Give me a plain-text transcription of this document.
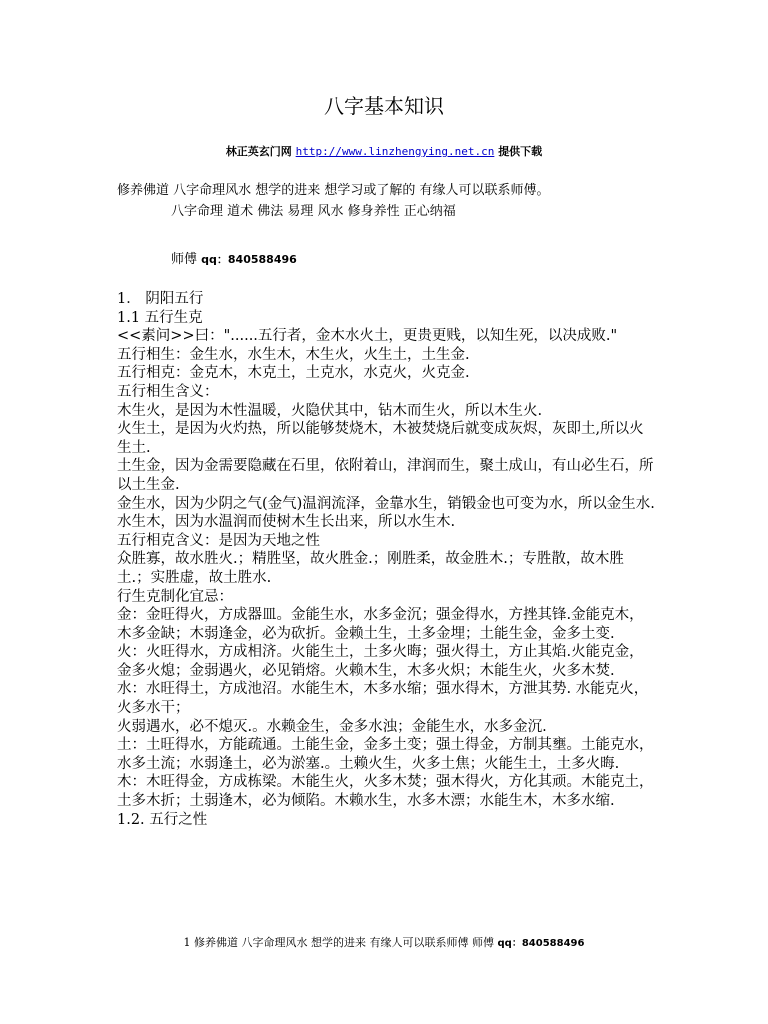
八字基本知识
林正英玄门网 http://www.linzhengying.net.cn 提供下载
修养佛道 八字命理风水 想学的进来 想学习或了解的 有缘人可以联系师傅。
八字命理 道术 佛法 易理 风水 修身养性 正心纳福
师傅 qq：840588496

1． 阴阳五行

1.1 五行生克

<<素问>>曰："......五行者，金木水火土，更贵更贱，以知生死，以决成败."

五行相生：金生水，水生木，木生火，火生土，土生金.

五行相克：金克木，木克土，土克水，水克火，火克金.

五行相生含义：

木生火，是因为木性温暖，火隐伏其中，钻木而生火，所以木生火.

火生土，是因为火灼热，所以能够焚烧木，木被焚烧后就变成灰烬，灰即土,所以火生土.

土生金，因为金需要隐藏在石里，依附着山，津润而生，聚土成山，有山必生石，所以土生金.

金生水，因为少阴之气(金气)温润流泽，金靠水生，销锻金也可变为水，所以金生水.

水生木，因为水温润而使树木生长出来，所以水生木.

五行相克含义：是因为天地之性

众胜寡，故水胜火.；精胜坚，故火胜金.；刚胜柔，故金胜木.；专胜散，故木胜土.；实胜虚，故土胜水.

行生克制化宜忌：

金：金旺得火，方成器皿。金能生水，水多金沉；强金得水，方挫其锋.金能克木，木多金缺；木弱逢金，必为砍折。金赖土生，土多金埋；土能生金，金多土变.

火：火旺得水，方成相济。火能生土，土多火晦；强火得土，方止其焰.火能克金，金多火熄；金弱遇火，必见销熔。火赖木生，木多火炽；木能生火，火多木焚.

水：水旺得土，方成池沼。水能生木，木多水缩；强水得木，方泄其势. 水能克火，火多水干；

火弱遇水，必不熄灭.。水赖金生，金多水浊；金能生水，水多金沉.

土：土旺得水，方能疏通。土能生金，金多土变；强土得金，方制其壅。土能克水，水多土流；水弱逢土，必为淤塞.。土赖火生，火多土焦；火能生土，土多火晦.

木：木旺得金，方成栋梁。木能生火，火多木焚；强木得火，方化其顽。木能克土，土多木折；土弱逢木，必为倾陷。木赖水生，水多木漂；水能生木，木多水缩.

1.2. 五行之性

1 修养佛道 八字命理风水 想学的进来 有缘人可以联系师傅 师傅 qq：840588496
